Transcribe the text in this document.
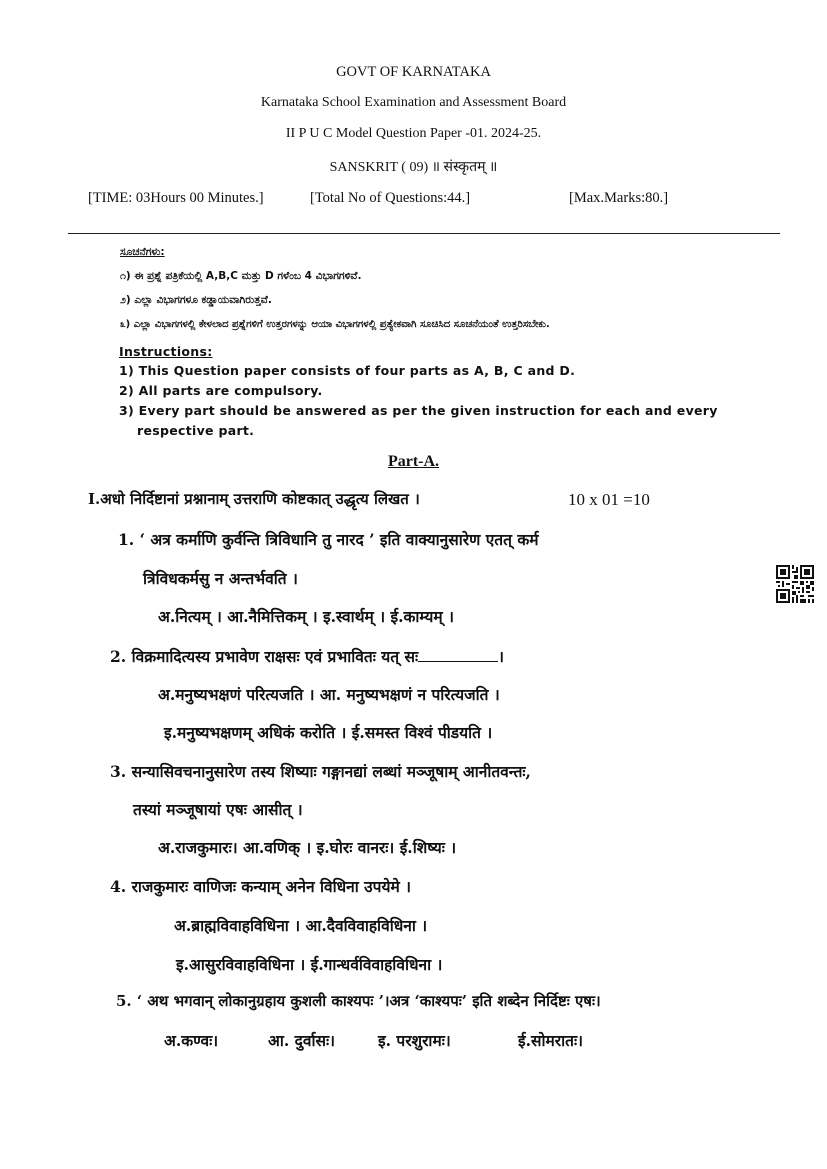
GOVT OF KARNATAKA
Karnataka School Examination and Assessment Board
II P U C Model Question Paper -01. 2024-25.
SANSKRIT ( 09) ॥ संस्कृतम् ॥
[TIME: 03Hours 00 Minutes.]	[Total No of Questions:44.]	[Max.Marks:80.]
ಸೂಚನೆಗಳು:
೧) ಈ ಪ್ರಶ್ನೆ ಪತ್ರಿಕೆಯಲ್ಲಿ A,B,C ಮತ್ತು D ಗಳೆಂಬ 4 ವಿಭಾಗಗಳಿವೆ.
೨) ಎಲ್ಲಾ ವಿಭಾಗಗಳೂ ಕಡ್ಡಾಯವಾಗಿರುತ್ತವೆ.
೩) ಎಲ್ಲಾ ವಿಭಾಗಗಳಲ್ಲಿ ಕೇಳಲಾದ ಪ್ರಶ್ನೆಗಳಿಗೆ ಉತ್ತರಗಳನ್ನು ಆಯಾ ವಿಭಾಗಗಳಲ್ಲಿ ಪ್ರತ್ಯೇಕವಾಗಿ ಸೂಚಿಸಿದ ಸೂಚನೆಯಂತೆ ಉತ್ತರಿಸಬೇಕು.
Instructions:
1) This Question paper consists of four parts as A, B, C and D.
2) All parts are compulsory.
3) Every part should be answered as per the given instruction for each and every
respective part.
Part-A.
I.अधो निर्दिष्टानां प्रश्नानाम् उत्तराणि कोष्टकात् उद्धृत्य लिखत ।	10 x 01 =10
1. ‘ अत्र कर्माणि कुर्वन्ति त्रिविधानि तु नारद ’ इति वाक्यानुसारेण एतत् कर्म
त्रिविधकर्मसु न अन्तर्भवति ।
अ.नित्यम् । आ.नैमित्तिकम् । इ.स्वार्थम् । ई.काम्यम् ।
2. विक्रमादित्यस्य प्रभावेण राक्षसः एवं प्रभावितः यत् सः	।
अ.मनुष्यभक्षणं परित्यजति । आ. मनुष्यभक्षणं न परित्यजति ।
इ.मनुष्यभक्षणम् अधिकं करोति । ई.समस्त विश्वं पीडयति ।
3. सन्यासिवचनानुसारेण तस्य शिष्याः गङ्गानद्यां लब्धां मञ्जूषाम् आनीतवन्तः,
तस्यां मञ्जूषायां एषः आसीत् ।
अ.राजकुमारः। आ.वणिक् । इ.घोरः वानरः। ई.शिष्यः ।
4. राजकुमारः वाणिजः कन्याम् अनेन विधिना उपयेमे ।
अ.ब्राह्मविवाहविधिना । आ.दैवविवाहविधिना ।
इ.आसुरविवाहविधिना । ई.गान्धर्वविवाहविधिना ।
5. ‘ अथ भगवान् लोकानुग्रहाय कुशली काश्यपः ’।अत्र ‘काश्यपः’ इति शब्देन निर्दिष्टः एषः।
अ.कण्वः।	आ. दुर्वासः।	इ. परशुरामः।	ई.सोमरातः।
